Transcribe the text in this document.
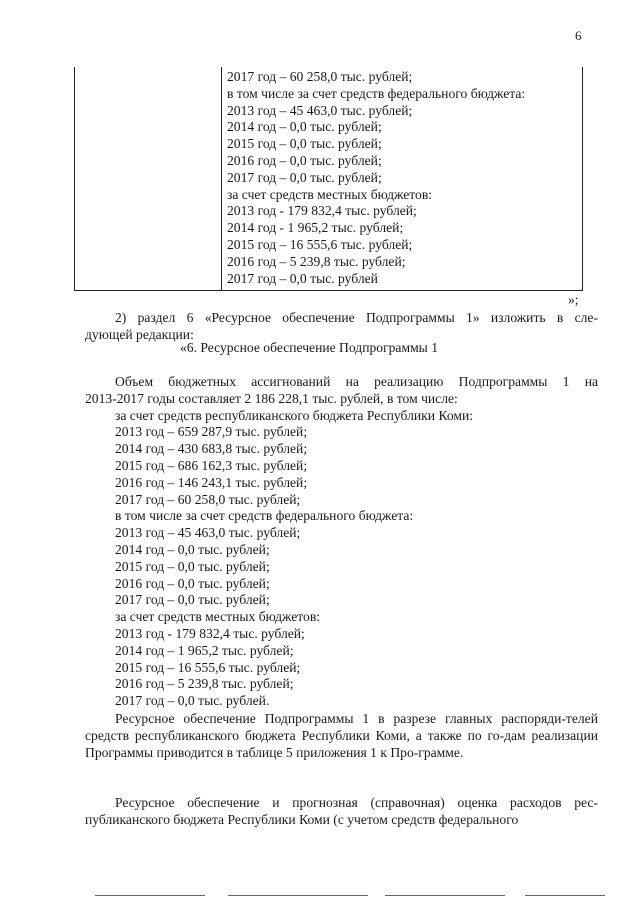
6
2017 год – 60 258,0 тыс. рублей;
в том числе за счет средств федерального бюджета:
2013 год – 45 463,0 тыс. рублей;
2014 год – 0,0 тыс. рублей;
2015 год – 0,0 тыс. рублей;
2016 год – 0,0 тыс. рублей;
2017 год – 0,0 тыс. рублей;
за счет средств местных бюджетов:
2013 год - 179 832,4 тыс. рублей;
2014 год - 1 965,2 тыс. рублей;
2015 год – 16 555,6 тыс. рублей;
2016 год – 5 239,8 тыс. рублей;
2017 год – 0,0 тыс. рублей
»;
2) раздел 6 «Ресурсное обеспечение Подпрограммы 1» изложить в сле-
дующей редакции:
«6. Ресурсное обеспечение Подпрограммы 1
Объем бюджетных ассигнований на реализацию Подпрограммы 1 на
2013-2017 годы составляет 2 186 228,1 тыс. рублей, в том числе:
за счет средств республиканского бюджета Республики Коми:
2013 год – 659 287,9 тыс. рублей;
2014 год – 430 683,8 тыс. рублей;
2015 год – 686 162,3 тыс. рублей;
2016 год – 146 243,1 тыс. рублей;
2017 год – 60 258,0 тыс. рублей;
в том числе за счет средств федерального бюджета:
2013 год – 45 463,0 тыс. рублей;
2014 год – 0,0 тыс. рублей;
2015 год – 0,0 тыс. рублей;
2016 год – 0,0 тыс. рублей;
2017 год – 0,0 тыс. рублей;
за счет средств местных бюджетов:
2013 год - 179 832,4 тыс. рублей;
2014 год – 1 965,2 тыс. рублей;
2015 год – 16 555,6 тыс. рублей;
2016 год – 5 239,8 тыс. рублей;
2017 год – 0,0 тыс. рублей.

Ресурсное обеспечение Подпрограммы 1 в разрезе главных распоряди-телей средств республиканского бюджета Республики Коми, а также по го-дам реализации Программы приводится в таблице 5 приложения 1 к Про-грамме.

Ресурсное обеспечение и прогнозная (справочная) оценка расходов рес-публиканского бюджета Республики Коми (с учетом средств федерального
